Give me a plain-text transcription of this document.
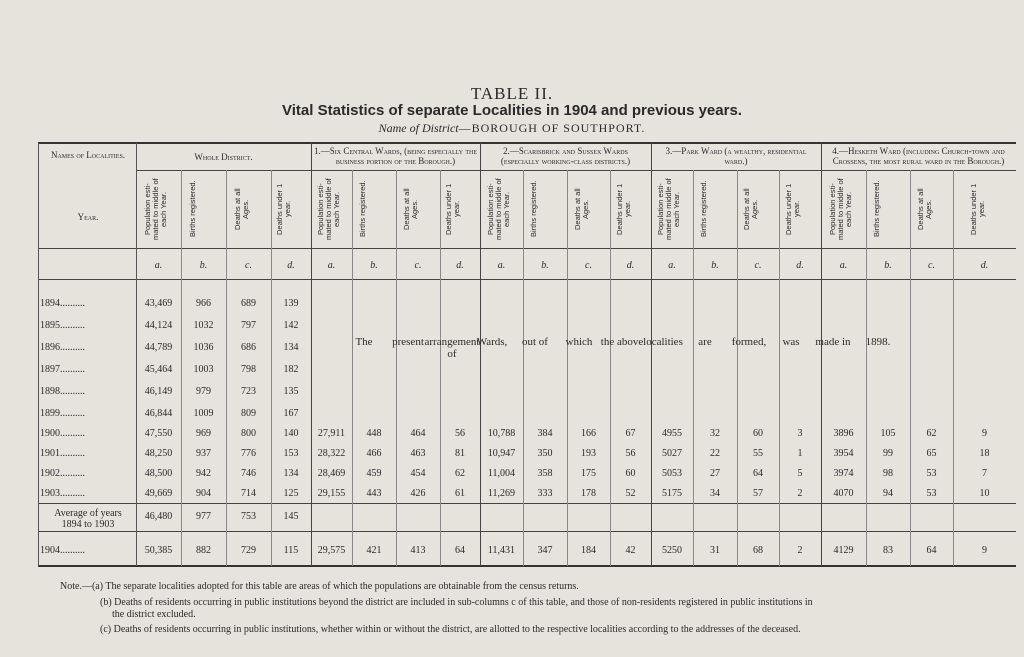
TABLE II.
Vital Statistics of separate Localities in 1904 and previous years.
Name of District—BOROUGH OF SOUTHPORT.
Names of Localities.
Year.
Whole District.
1.—Six Central Wards, (being especially the business portion of the Borough.)
2.—Scarisbrick and Sussex Wards (especially working-class districts.)
3.—Park Ward (a wealthy, residential ward.)
4.—Hesketh Ward (including Church-town and Crossens, the most rural ward in the Borough.)
Population esti-mated to middle of each Year.
a.
Births registered.
b.
Deaths at all Ages.
c.
Deaths under 1 year.
d.
Population esti-mated to middle of each Year.
a.
Births registered.
b.
Deaths at all Ages.
c.
Deaths under 1 year.
d.
Population esti-mated to middle of each Year.
a.
Births registered.
b.
Deaths at all Ages.
c.
Deaths under 1 year.
d.
Population esti-mated to middle of each Year.
a.
Births registered.
b.
Deaths at all Ages.
c.
Deaths under 1 year.
d.
Population esti-mated to middle of each Year.
a.
Births registered.
b.
Deaths at all Ages.
c.
Deaths under 1 year.
d.
1894..........	43,469	966	689	139
1895..........	44,124	1032	797	142
1896..........	44,789	1036	686	134
1897..........	45,464	1003	798	182
1898..........	46,149	979	723	135
1899..........	46,844	1009	809	167
1900..........	47,550	969	800	140	27,911	448	464	56	10,788	384	166	67	4955	32	60	3	3896	105	62	9
1901..........	48,250	937	776	153	28,322	466	463	81	10,947	350	193	56	5027	22	55	1	3954	99	65	18
1902..........	48,500	942	746	134	28,469	459	454	62	11,004	358	175	60	5053	27	64	5	3974	98	53	7
1903..........	49,669	904	714	125	29,155	443	426	61	11,269	333	178	52	5175	34	57	2	4070	94	53	10
The	present arrangement of
Wards,	out of	which the above localities	are	formed,	was	made in	1898.
Average of years
1894 to 1903
46,480	977	753	145
1904..........	50,385	882	729	115	29,575	421	413	64	11,431	347	184	42	5250	31	68	2	4129	83	64	9
Note.—(a) The separate localities adopted for this table are areas of which the populations are obtainable from the census returns.
(b) Deaths of residents occurring in public institutions beyond the district are included in sub-columns c of this table, and those of non-residents registered in public institutions in
the district excluded.
(c) Deaths of residents occurring in public institutions, whether within or without the district, are allotted to the respective localities according to the addresses of the deceased.
